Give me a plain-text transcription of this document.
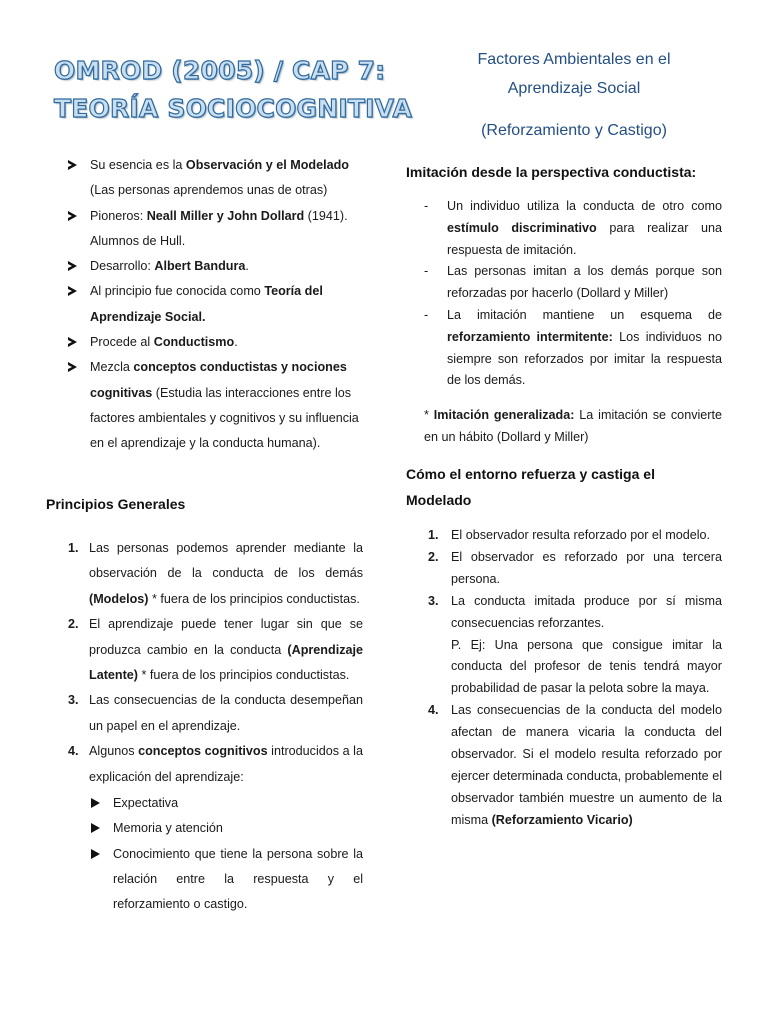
OMROD (2005) / CAP 7:
TEORÍA SOCIOCOGNITIVA
Su esencia es la Observación y el Modelado (Las personas aprendemos unas de otras)
Pioneros: Neall Miller y John Dollard (1941). Alumnos de Hull.
Desarrollo: Albert Bandura.
Al principio fue conocida como Teoría del Aprendizaje Social.
Procede al Conductismo.
Mezcla conceptos conductistas y nociones cognitivas (Estudia las interacciones entre los factores ambientales y cognitivos y su influencia en el aprendizaje y la conducta humana).
Principios Generales
1. Las personas podemos aprender mediante la observación de la conducta de los demás (Modelos) * fuera de los principios conductistas.
2. El aprendizaje puede tener lugar sin que se produzca cambio en la conducta (Aprendizaje Latente) * fuera de los principios conductistas.
3. Las consecuencias de la conducta desempeñan un papel en el aprendizaje.
4. Algunos conceptos cognitivos introducidos a la explicación del aprendizaje:
Expectativa
Memoria y atención
Conocimiento que tiene la persona sobre la relación entre la respuesta y el reforzamiento o castigo.
Factores Ambientales en el
Aprendizaje Social
(Reforzamiento y Castigo)
Imitación desde la perspectiva conductista:
- Un individuo utiliza la conducta de otro como estímulo discriminativo para realizar una respuesta de imitación.
- Las personas imitan a los demás porque son reforzadas por hacerlo (Dollard y Miller)
- La imitación mantiene un esquema de reforzamiento intermitente: Los individuos no siempre son reforzados por imitar la respuesta de los demás.
* Imitación generalizada: La imitación se convierte en un hábito (Dollard y Miller)
Cómo el entorno refuerza y castiga el
Modelado
1. El observador resulta reforzado por el modelo.
2. El observador es reforzado por una tercera persona.
3. La conducta imitada produce por sí misma consecuencias reforzantes.

P. Ej: Una persona que consigue imitar la conducta del profesor de tenis tendrá mayor probabilidad de pasar la pelota sobre la maya.

4. Las consecuencias de la conducta del modelo afectan de manera vicaria la conducta del observador. Si el modelo resulta reforzado por ejercer determinada conducta, probablemente el observador también muestre un aumento de la misma (Reforzamiento Vicario)
